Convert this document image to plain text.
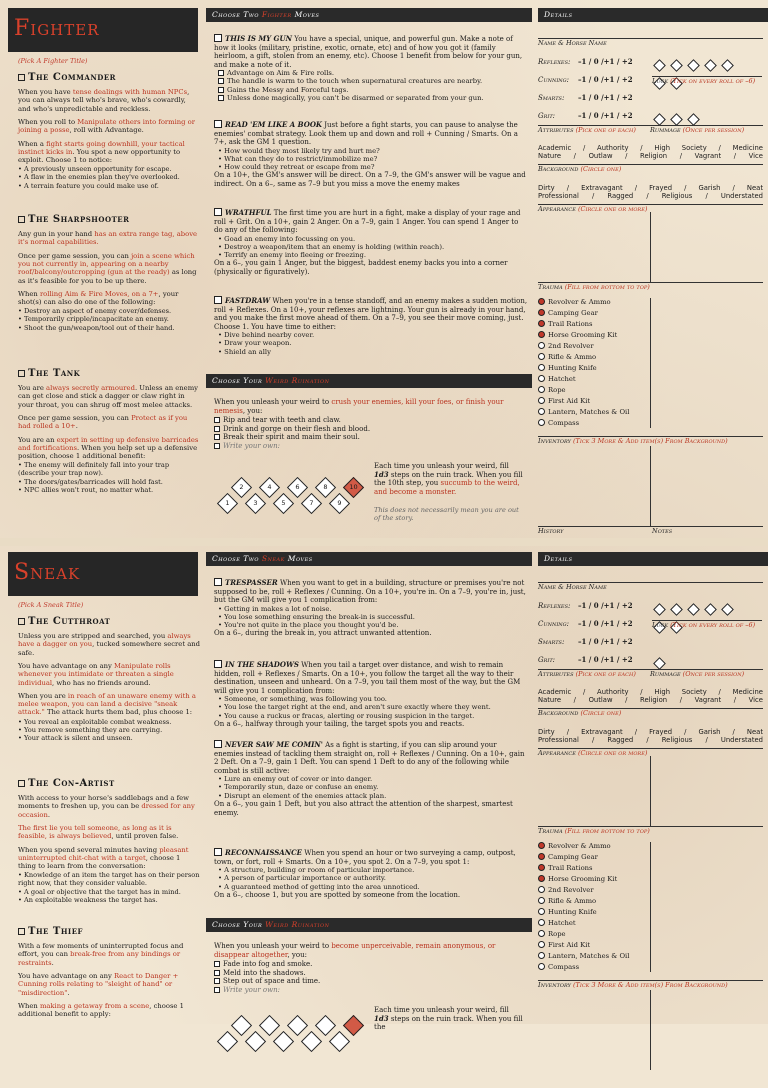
Fighter
(Pick A Fighter Title)
The Commander

When you have tense dealings with human NPCs, you can always tell who's brave, who's cowardly, and who's unpredictable and reckless.

When you roll to Manipulate others into forming or joining a posse, roll with Advantage.

When a fight starts going downhill, your tactical instinct kicks in. You spot a new opportunity to exploit. Choose 1 to notice:

• A previously unseen opportunity for escape.
• A flaw in the enemies plan they've overlooked.
• A terrain feature you could make use of.
The Sharpshooter

Any gun in your hand has an extra range tag, above it's normal capabilities.

Once per game session, you can join a scene which you not currently in, appearing on a nearby roof/balcony/outcropping (gun at the ready) as long as it's feasible for you to be up there.

When rolling Aim & Fire Moves, on a 7+, your shot(s) can also do one of the following:

• Destroy an aspect of enemy cover/defenses.
• Temporarily cripple/incapacitate an enemy.
• Shoot the gun/weapon/tool out of their hand.
The Tank

You are always secretly armoured. Unless an enemy can get close and stick a dagger or claw right in your throat, you can shrug off most melee attacks.

Once per game session, you can Protect as if you had rolled a 10+.

You are an expert in setting up defensive barricades and fortifications. When you help set up a defensive position, choose 1 additional benefit:

• The enemy will definitely fall into your trap (describe your trap now).
• The doors/gates/barricades will hold fast.
• NPC allies won't rout, no matter what.
Choose Two Fighter Moves
THIS IS MY GUN You have a special, unique, and powerful gun. Make a note of how it looks (military, pristine, exotic, ornate, etc) and of how you got it (family heirloom, a gift, stolen from an enemy, etc). Choose 1 benefit from below for your gun, and make a note of it.
Advantage on Aim & Fire rolls.
The handle is warm to the touch when supernatural creatures are nearby.
Gains the Messy and Forceful tags.
Unless done magically, you can't be disarmed or separated from your gun.
READ 'EM LIKE A BOOK Just before a fight starts, you can pause to analyse the enemies' combat strategy. Look them up and down and roll + Cunning / Smarts. On a 7+, ask the GM 1 question.
• How would they most likely try and hurt me?
• What can they do to restrict/immobilize me?
• How could they retreat or escape from me?
On a 10+, the GM's answer will be direct. On a 7–9, the GM's answer will be vague and indirect. On a 6–, same as 7–9 but you miss a move the enemy makes
WRATHFUL The first time you are hurt in a fight, make a display of your rage and roll + Grit. On a 10+, gain 2 Anger. On a 7–9, gain 1 Anger. You can spend 1 Anger to do any of the following:
• Goad an enemy into focussing on you.
• Destroy a weapon/item that an enemy is holding (within reach).
• Terrify an enemy into fleeing or freezing.
On a 6–, you gain 1 Anger, but the biggest, baddest enemy backs you into a corner (physically or figuratively).
FASTDRAW When you're in a tense standoff, and an enemy makes a sudden motion, roll + Reflexes. On a 10+, your reflexes are lightning. Your gun is already in your hand, and you make the first move ahead of them. On a 7–9, you see their move coming, just. Choose 1. You have time to either:
• Dive behind nearby cover.
• Draw your weapon.
• Shield an ally
Choose Your Weird Ruination
When you unleash your weird to crush your enemies, kill your foes, or finish your nemesis, you:
Rip and tear with teeth and claw.
Drink and gorge on their flesh and blood.
Break their spirit and maim their soul.
Write your own:
1
2
3
4
5
6
7
8
9
10
Each time you unleash your weird, fill 1d3 steps on the ruin track. When you fill the 10th step, you succumb to the weird, and become a monster.
This does not necessarily mean you are out of the story.
Details
Name & Horse Name
Reflexes: –1 / 0 /+1 / +2
Cunning: –1 / 0 /+1 / +2
Smarts: –1 / 0 /+1 / +2
Grit:	–1 / 0 /+1 / +2
Luck (Tick on every roll of –6)
Attributes (Pick one of each) Rummage (Once per session)
Academic / Authority / High Society / Medicine
Nature / Outlaw / Religion / Vagrant / Vice
Background (Circle one)
Dirty / Extravagant / Frayed / Garish / Neat
Professional / Ragged / Religious / Understated
Appearance (Circle one or more)
Trauma (Fill from bottom to top)
Revolver & Ammo
Camping Gear
Trail Rations
Horse Grooming Kit
2nd Revolver
Rifle & Ammo
Hunting Knife
Hatchet
Rope
First Aid Kit
Lantern, Matches & Oil
Compass
Inventory (Tick 3 More & Add item(s) From Background)
History	Notes
Sneak
(Pick A Sneak Title)
The Cutthroat

Unless you are stripped and searched, you always have a dagger on you, tucked somewhere secret and safe.

You have advantage on any Manipulate rolls whenever you intimidate or threaten a single individual, who has no friends around.

When you are in reach of an unaware enemy with a melee weapon, you can land a decisive "sneak attack." The attack hurts them bad, plus choose 1:

• You reveal an exploitable combat weakness.
• You remove something they are carrying.
• Your attack is silent and unseen.
The Con-Artist

With access to your horse's saddlebags and a few moments to freshen up, you can be dressed for any occasion.

The first lie you tell someone, as long as it is feasible, is always believed, until proven false.

When you spend several minutes having pleasant uninterrupted chit-chat with a target, choose 1 thing to learn from the conversation:

• Knowledge of an item the target has on their person right now, that they consider valuable.
• A goal or objective that the target has in mind.
• An exploitable weakness the target has.
The Thief

With a few moments of uninterrupted focus and effort, you can break-free from any bindings or restraints.

You have advantage on any React to Danger + Cunning rolls relating to "sleight of hand" or "misdirection".

When making a getaway from a scene, choose 1 additional benefit to apply:

Choose Two Sneak Moves
TRESPASSER When you want to get in a building, structure or premises you're not supposed to be, roll + Reflexes / Cunning. On a 10+, you're in. On a 7–9, you're in, just, but the GM will give you 1 complication from:
• Getting in makes a lot of noise.
• You lose something ensuring the break-in is successful.
• You're not quite in the place you thought you'd be.
On a 6–, during the break in, you attract unwanted attention.
IN THE SHADOWS When you tail a target over distance, and wish to remain hidden, roll + Reflexes / Smarts. On a 10+, you follow the target all the way to their destination, unseen and unheard. On a 7–9, you tail them most of the way, but the GM will give you 1 complication from:
• Someone, or something, was following you too.
• You lose the target right at the end, and aren't sure exactly where they went.
• You cause a ruckus or fracas, alerting or rousing suspicion in the target.
On a 6–, halfway through your tailing, the target spots you and reacts.
NEVER SAW ME COMIN' As a fight is starting, if you can slip around your enemies instead of tackling them straight on, roll + Reflexes / Cunning. On a 10+, gain 2 Deft. On a 7–9, gain 1 Deft. You can spend 1 Deft to do any of the following while combat is still active:
• Lure an enemy out of cover or into danger.
• Temporarily stun, daze or confuse an enemy.
• Disrupt an element of the enemies attack plan.
On a 6–, you gain 1 Deft, but you also attract the attention of the sharpest, smartest enemy.
RECONNAISSANCE When you spend an hour or two surveying a camp, outpost, town, or fort, roll + Smarts. On a 10+, you spot 2. On a 7–9, you spot 1:
• A structure, building or room of particular importance.
• A person of particular importance or authority.
• A guaranteed method of getting into the area unnoticed.
On a 6–, choose 1, but you are spotted by someone from the location.
Choose Your Weird Ruination
When you unleash your weird to become unperceivable, remain anonymous, or disappear altogether, you:
Fade into fog and smoke.
Meld into the shadows.
Step out of space and time.
Write your own:
Each time you unleash your weird, fill 1d3 steps on the ruin track. When you fill the
Details
Name & Horse Name
Reflexes: –1 / 0 /+1 / +2
Cunning: –1 / 0 /+1 / +2
Smarts: –1 / 0 /+1 / +2
Grit:	–1 / 0 /+1 / +2
Luck (Tick on every roll of –6)
Attributes (Pick one of each) Rummage (Once per session)
Academic / Authority / High Society / Medicine
Nature / Outlaw / Religion / Vagrant / Vice
Background (Circle one)
Dirty / Extravagant / Frayed / Garish / Neat
Professional / Ragged / Religious / Understated
Appearance (Circle one or more)
Trauma (Fill from bottom to top)
Revolver & Ammo
Camping Gear
Trail Rations
Horse Grooming Kit
2nd Revolver
Rifle & Ammo
Hunting Knife
Hatchet
Rope
First Aid Kit
Lantern, Matches & Oil
Compass
Inventory (Tick 3 More & Add item(s) From Background)
